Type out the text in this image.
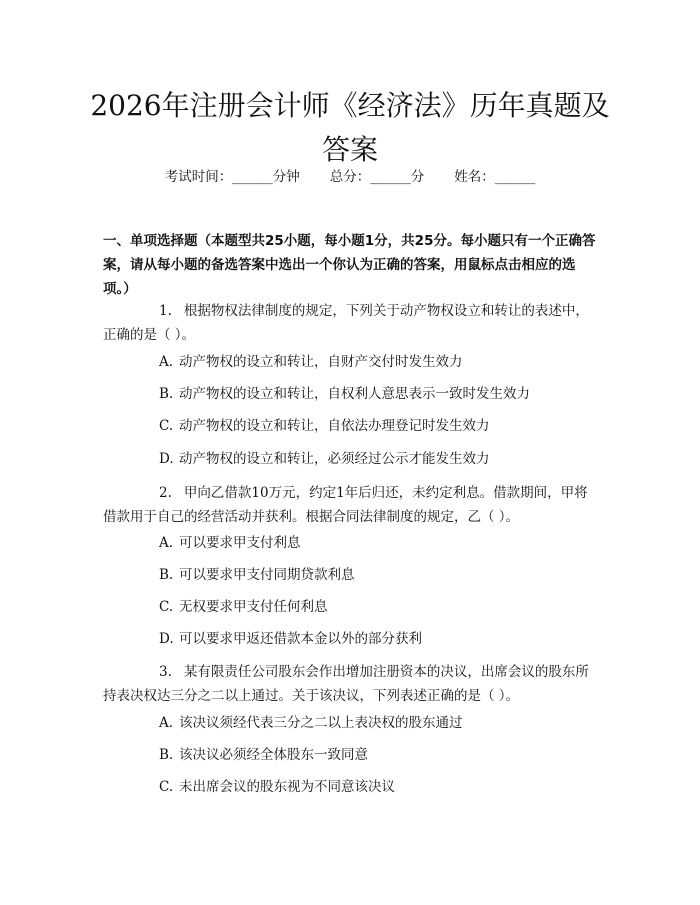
2026年注册会计师《经济法》历年真题及答案
考试时间：______分钟 总分：______分 姓名：______

一、单项选择题（本题型共25小题，每小题1分，共25分。每小题只有一个正确答案，请从每小题的备选答案中选出一个你认为正确的答案，用鼠标点击相应的选项。）

1. 根据物权法律制度的规定，下列关于动产物权设立和转让的表述中，正确的是（ ）。

A. 动产物权的设立和转让，自财产交付时发生效力

B. 动产物权的设立和转让，自权利人意思表示一致时发生效力

C. 动产物权的设立和转让，自依法办理登记时发生效力

D. 动产物权的设立和转让，必须经过公示才能发生效力

2. 甲向乙借款10万元，约定1年后归还，未约定利息。借款期间，甲将借款用于自己的经营活动并获利。根据合同法律制度的规定，乙（ ）。

A. 可以要求甲支付利息

B. 可以要求甲支付同期贷款利息

C. 无权要求甲支付任何利息

D. 可以要求甲返还借款本金以外的部分获利

3. 某有限责任公司股东会作出增加注册资本的决议，出席会议的股东所持表决权达三分之二以上通过。关于该决议，下列表述正确的是（ ）。

A. 该决议须经代表三分之二以上表决权的股东通过

B. 该决议必须经全体股东一致同意

C. 未出席会议的股东视为不同意该决议
